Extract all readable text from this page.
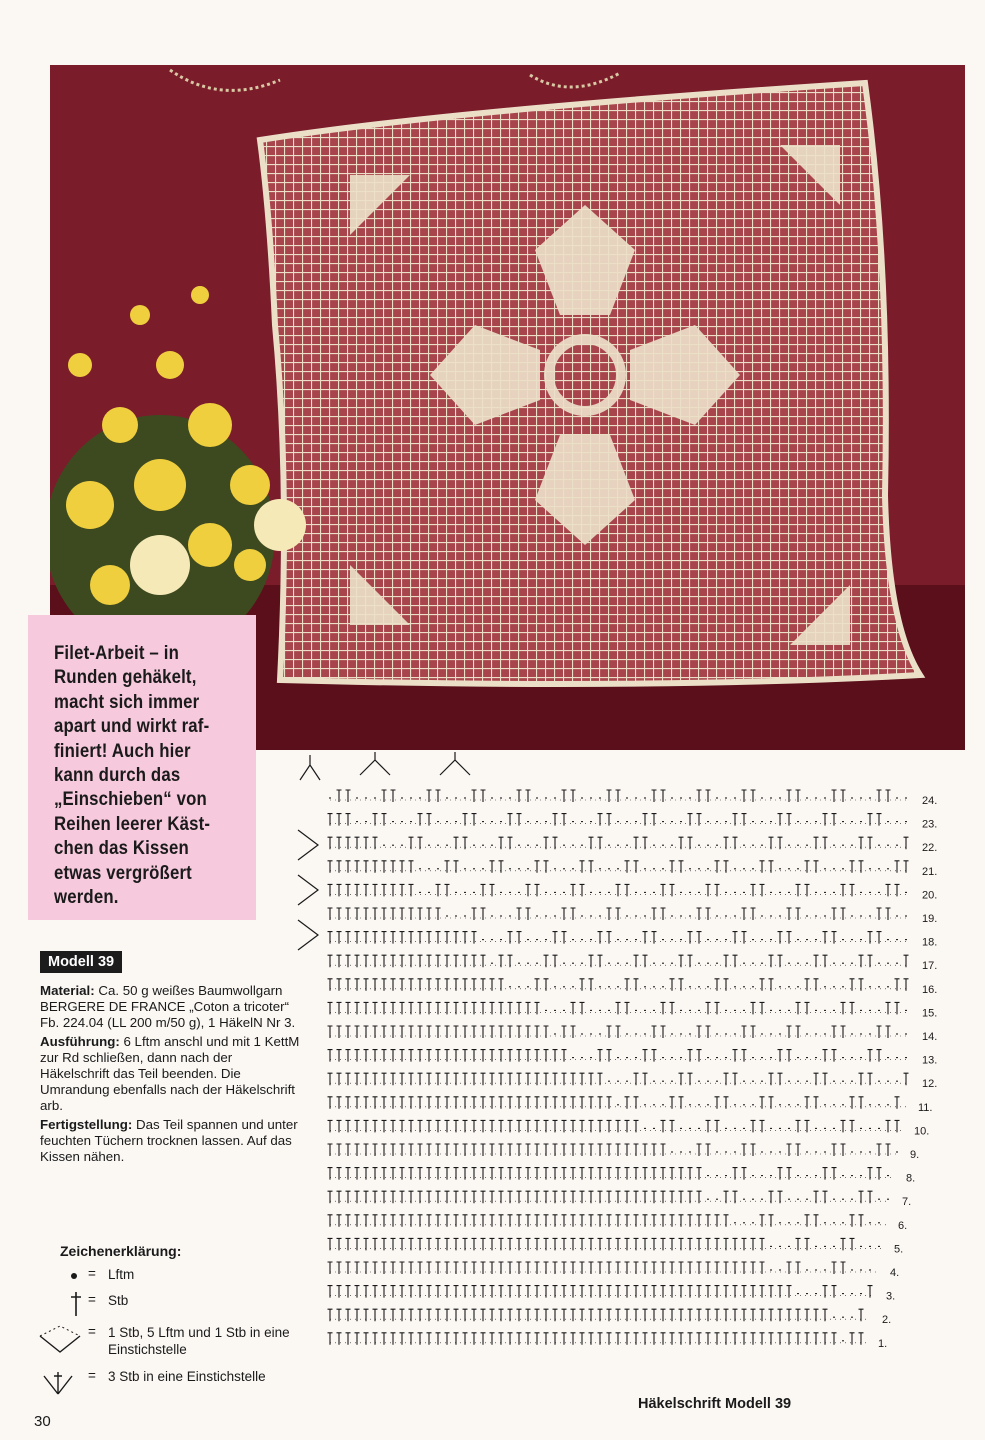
Filet-Arbeit – in
Runden gehäkelt,
macht sich immer
apart und wirkt raf-
finiert! Auch hier
kann durch das
„Einschieben“ von
Reihen leerer Käst-
chen das Kissen
etwas vergrößert
werden.

Modell 39

Material: Ca. 50 g weißes Baumwollgarn BERGERE DE FRANCE „Coton a tricoter“ Fb. 224.04 (LL 200 m/50 g), 1 HäkelN Nr 3.

Ausführung: 6 Lftm anschl und mit 1 KettM zur Rd schließen, dann nach der Häkelschrift das Teil beenden. Die Umrandung ebenfalls nach der Häkelschrift arb.

Fertigstellung: Das Teil spannen und unter feuchten Tüchern trocknen lassen. Auf das Kissen nähen.

Zeichenerklärung:
= Lftm
= Stb
= 1 Stb, 5 Lftm und 1 Stb in eine Einstichstelle
= 3 Stb in eine Einstichstelle
24.
23.
22.
21.
20.
19.
18.
17.
16.
15.
14.
13.
12.
11.
10.
9.
8.
7.
6.
5.
4.
3.
2.
1.
Häkelschrift Modell 39
30
